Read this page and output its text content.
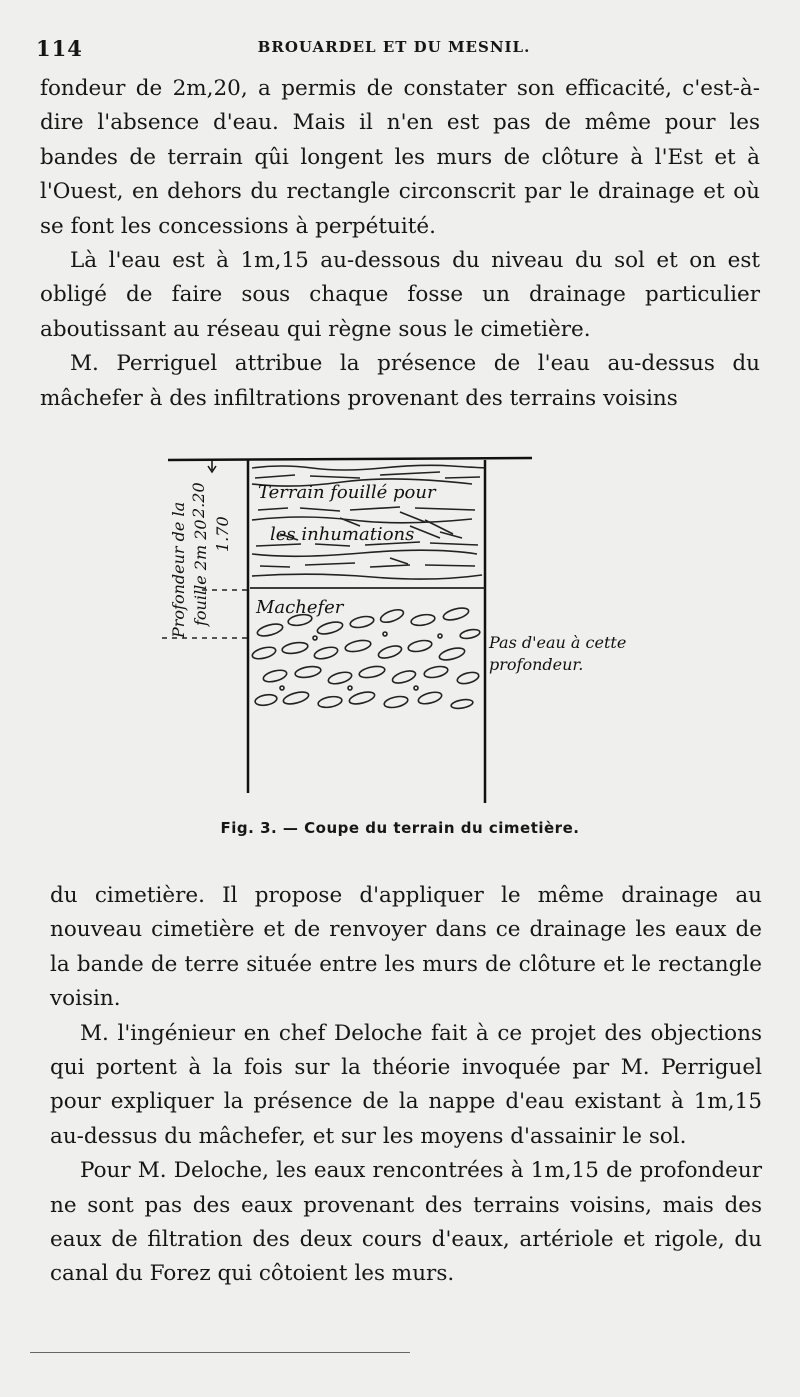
114	BROUARDEL ET DU MESNIL.

fondeur de 2m,20, a permis de constater son efficacité, c'est-à-dire l'absence d'eau. Mais il n'en est pas de même pour les bandes de terrain qûi longent les murs de clôture à l'Est et à l'Ouest, en dehors du rectangle circonscrit par le drainage et où se font les concessions à perpétuité.

Là l'eau est à 1m,15 au-dessous du niveau du sol et on est obligé de faire sous chaque fosse un drainage particulier aboutissant au réseau qui règne sous le cimetière.

M. Perriguel attribue la présence de l'eau au-dessus du mâchefer à des infiltrations provenant des terrains voisins

Terrain fouillé pour
les inhumations
Machefer
Profondeur de la fouille 2m 20
2.20
1.70
Pas d'eau à cette
profondeur.
Fig. 3. — Coupe du terrain du cimetière.

du cimetière. Il propose d'appliquer le même drainage au nouveau cimetière et de renvoyer dans ce drainage les eaux de la bande de terre située entre les murs de clôture et le rectangle voisin.

M. l'ingénieur en chef Deloche fait à ce projet des objections qui portent à la fois sur la théorie invoquée par M. Perriguel pour expliquer la présence de la nappe d'eau existant à 1m,15 au-dessus du mâchefer, et sur les moyens d'assainir le sol.

Pour M. Deloche, les eaux rencontrées à 1m,15 de profondeur ne sont pas des eaux provenant des terrains voisins, mais des eaux de filtration des deux cours d'eaux, artériole et rigole, du canal du Forez qui côtoient les murs.
